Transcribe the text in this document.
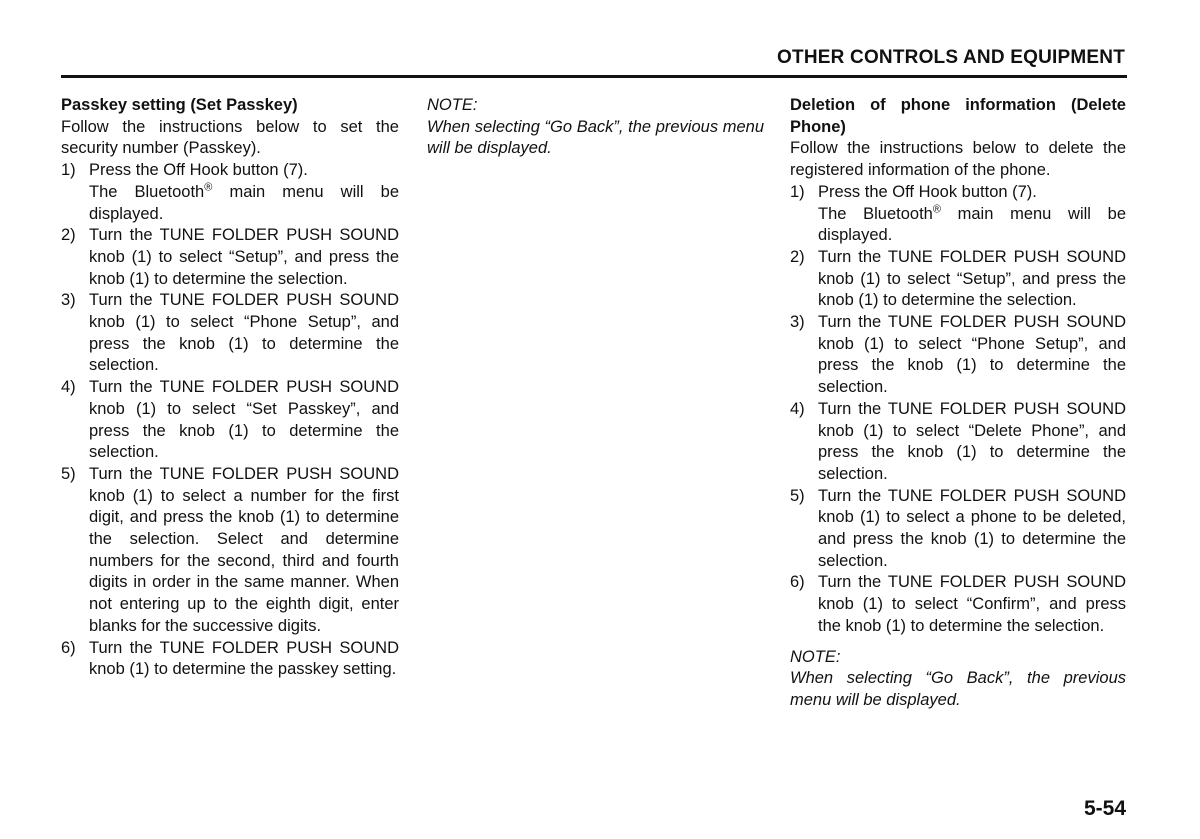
OTHER CONTROLS AND EQUIPMENT
Passkey setting (Set Passkey)
Follow the instructions below to set the security number (Passkey).
1) Press the Off Hook button (7).
The Bluetooth® main menu will be displayed.
2) Turn the TUNE FOLDER PUSH SOUND knob (1) to select “Setup”, and press the knob (1) to determine the selection.
3) Turn the TUNE FOLDER PUSH SOUND knob (1) to select “Phone Setup”, and press the knob (1) to determine the selection.
4) Turn the TUNE FOLDER PUSH SOUND knob (1) to select “Set Passkey”, and press the knob (1) to determine the selection.
5) Turn the TUNE FOLDER PUSH SOUND knob (1) to select a number for the first digit, and press the knob (1) to determine the selection. Select and determine numbers for the second, third and fourth digits in order in the same manner. When not entering up to the eighth digit, enter blanks for the successive digits.
6) Turn the TUNE FOLDER PUSH SOUND knob (1) to determine the passkey setting.
NOTE:
When selecting “Go Back”, the previous menu will be displayed.
Deletion of phone information (Delete Phone)
Follow the instructions below to delete the registered information of the phone.
1) Press the Off Hook button (7).
The Bluetooth® main menu will be displayed.
2) Turn the TUNE FOLDER PUSH SOUND knob (1) to select “Setup”, and press the knob (1) to determine the selection.
3) Turn the TUNE FOLDER PUSH SOUND knob (1) to select “Phone Setup”, and press the knob (1) to determine the selection.
4) Turn the TUNE FOLDER PUSH SOUND knob (1) to select “Delete Phone”, and press the knob (1) to determine the selection.
5) Turn the TUNE FOLDER PUSH SOUND knob (1) to select a phone to be deleted, and press the knob (1) to determine the selection.
6) Turn the TUNE FOLDER PUSH SOUND knob (1) to select “Confirm”, and press the knob (1) to determine the selection.
NOTE:
When selecting “Go Back”, the previous menu will be displayed.
5-54
